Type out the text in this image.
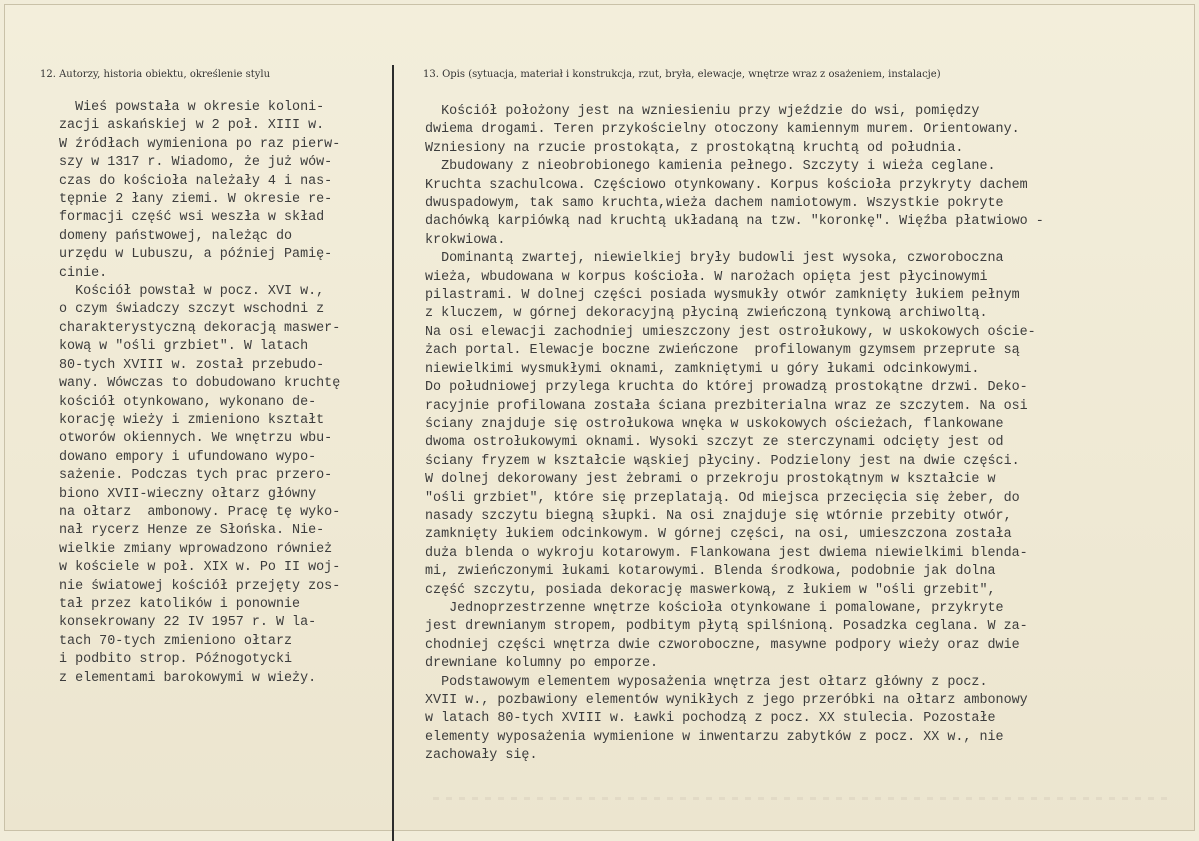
12. Autorzy, historia obiektu, określenie stylu	13. Opis (sytuacja, materiał i konstrukcja, rzut, bryła, elewacje, wnętrze wraz z osażeniem, instalacje)
Wieś powstała w okresie koloni-
zacji askańskiej w 2 poł. XIII w.
W źródłach wymieniona po raz pierw-
szy w 1317 r. Wiadomo, że już wów-
czas do kościoła należały 4 i nas-
tępnie 2 łany ziemi. W okresie re-
formacji część wsi weszła w skład
domeny państwowej, należąc do
urzędu w Lubuszu, a później Pamię-
cinie.
Kościół powstał w pocz. XVI w.,
o czym świadczy szczyt wschodni z
charakterystyczną dekoracją maswer-
kową w "ośli grzbiet". W latach
80-tych XVIII w. został przebudo-
wany. Wówczas to dobudowano kruchtę
kościół otynkowano, wykonano de-
korację wieży i zmieniono kształt
otworów okiennych. We wnętrzu wbu-
dowano empory i ufundowano wypo-
sażenie. Podczas tych prac przero-
biono XVII-wieczny ołtarz główny
na ołtarz  ambonowy. Pracę tę wyko-
nał rycerz Henze ze Słońska. Nie-
wielkie zmiany wprowadzono również
w kościele w poł. XIX w. Po II woj-
nie światowej kościół przejęty zos-
tał przez katolików i ponownie
konsekrowany 22 IV 1957 r. W la-
tach 70-tych zmieniono ołtarz
i podbito strop. Późnogotycki
z elementami barokowymi w wieży.
Kościół położony jest na wzniesieniu przy wjeździe do wsi, pomiędzy
dwiema drogami. Teren przykościelny otoczony kamiennym murem. Orientowany.
Wzniesiony na rzucie prostokąta, z prostokątną kruchtą od południa.
Zbudowany z nieobrobionego kamienia pełnego. Szczyty i wieża ceglane.
Kruchta szachulcowa. Częściowo otynkowany. Korpus kościoła przykryty dachem
dwuspadowym, tak samo kruchta,wieża dachem namiotowym. Wszystkie pokryte
dachówką karpiówką nad kruchtą układaną na tzw. "koronkę". Więźba płatwiowo -
krokwiowa.
Dominantą zwartej, niewielkiej bryły budowli jest wysoka, czworoboczna
wieża, wbudowana w korpus kościoła. W narożach opięta jest płycinowymi
pilastrami. W dolnej części posiada wysmukły otwór zamknięty łukiem pełnym
z kluczem, w górnej dekoracyjną płyciną zwieńczoną tynkową archiwoltą.
Na osi elewacji zachodniej umieszczony jest ostrołukowy, w uskokowych oście-
żach portal. Elewacje boczne zwieńczone  profilowanym gzymsem przeprute są
niewielkimi wysmukłymi oknami, zamkniętymi u góry łukami odcinkowymi.
Do południowej przylega kruchta do której prowadzą prostokątne drzwi. Deko-
racyjnie profilowana została ściana prezbiterialna wraz ze szczytem. Na osi
ściany znajduje się ostrołukowa wnęka w uskokowych ościeżach, flankowane
dwoma ostrołukowymi oknami. Wysoki szczyt ze sterczynami odcięty jest od
ściany fryzem w kształcie wąskiej płyciny. Podzielony jest na dwie części.
W dolnej dekorowany jest żebrami o przekroju prostokątnym w kształcie w
"ośli grzbiet", które się przeplatają. Od miejsca przecięcia się żeber, do
nasady szczytu biegną słupki. Na osi znajduje się wtórnie przebity otwór,
zamknięty łukiem odcinkowym. W górnej części, na osi, umieszczona została
duża blenda o wykroju kotarowym. Flankowana jest dwiema niewielkimi blenda-
mi, zwieńczonymi łukami kotarowymi. Blenda środkowa, podobnie jak dolna
część szczytu, posiada dekorację maswerkową, z łukiem w "ośli grzebit",
Jednoprzestrzenne wnętrze kościoła otynkowane i pomalowane, przykryte
jest drewnianym stropem, podbitym płytą spilśnioną. Posadzka ceglana. W za-
chodniej części wnętrza dwie czworoboczne, masywne podpory wieży oraz dwie
drewniane kolumny po emporze.
Podstawowym elementem wyposażenia wnętrza jest ołtarz główny z pocz.
XVII w., pozbawiony elementów wynikłych z jego przeróbki na ołtarz ambonowy
w latach 80-tych XVIII w. Ławki pochodzą z pocz. XX stulecia. Pozostałe
elementy wyposażenia wymienione w inwentarzu zabytków z pocz. XX w., nie
zachowały się.
